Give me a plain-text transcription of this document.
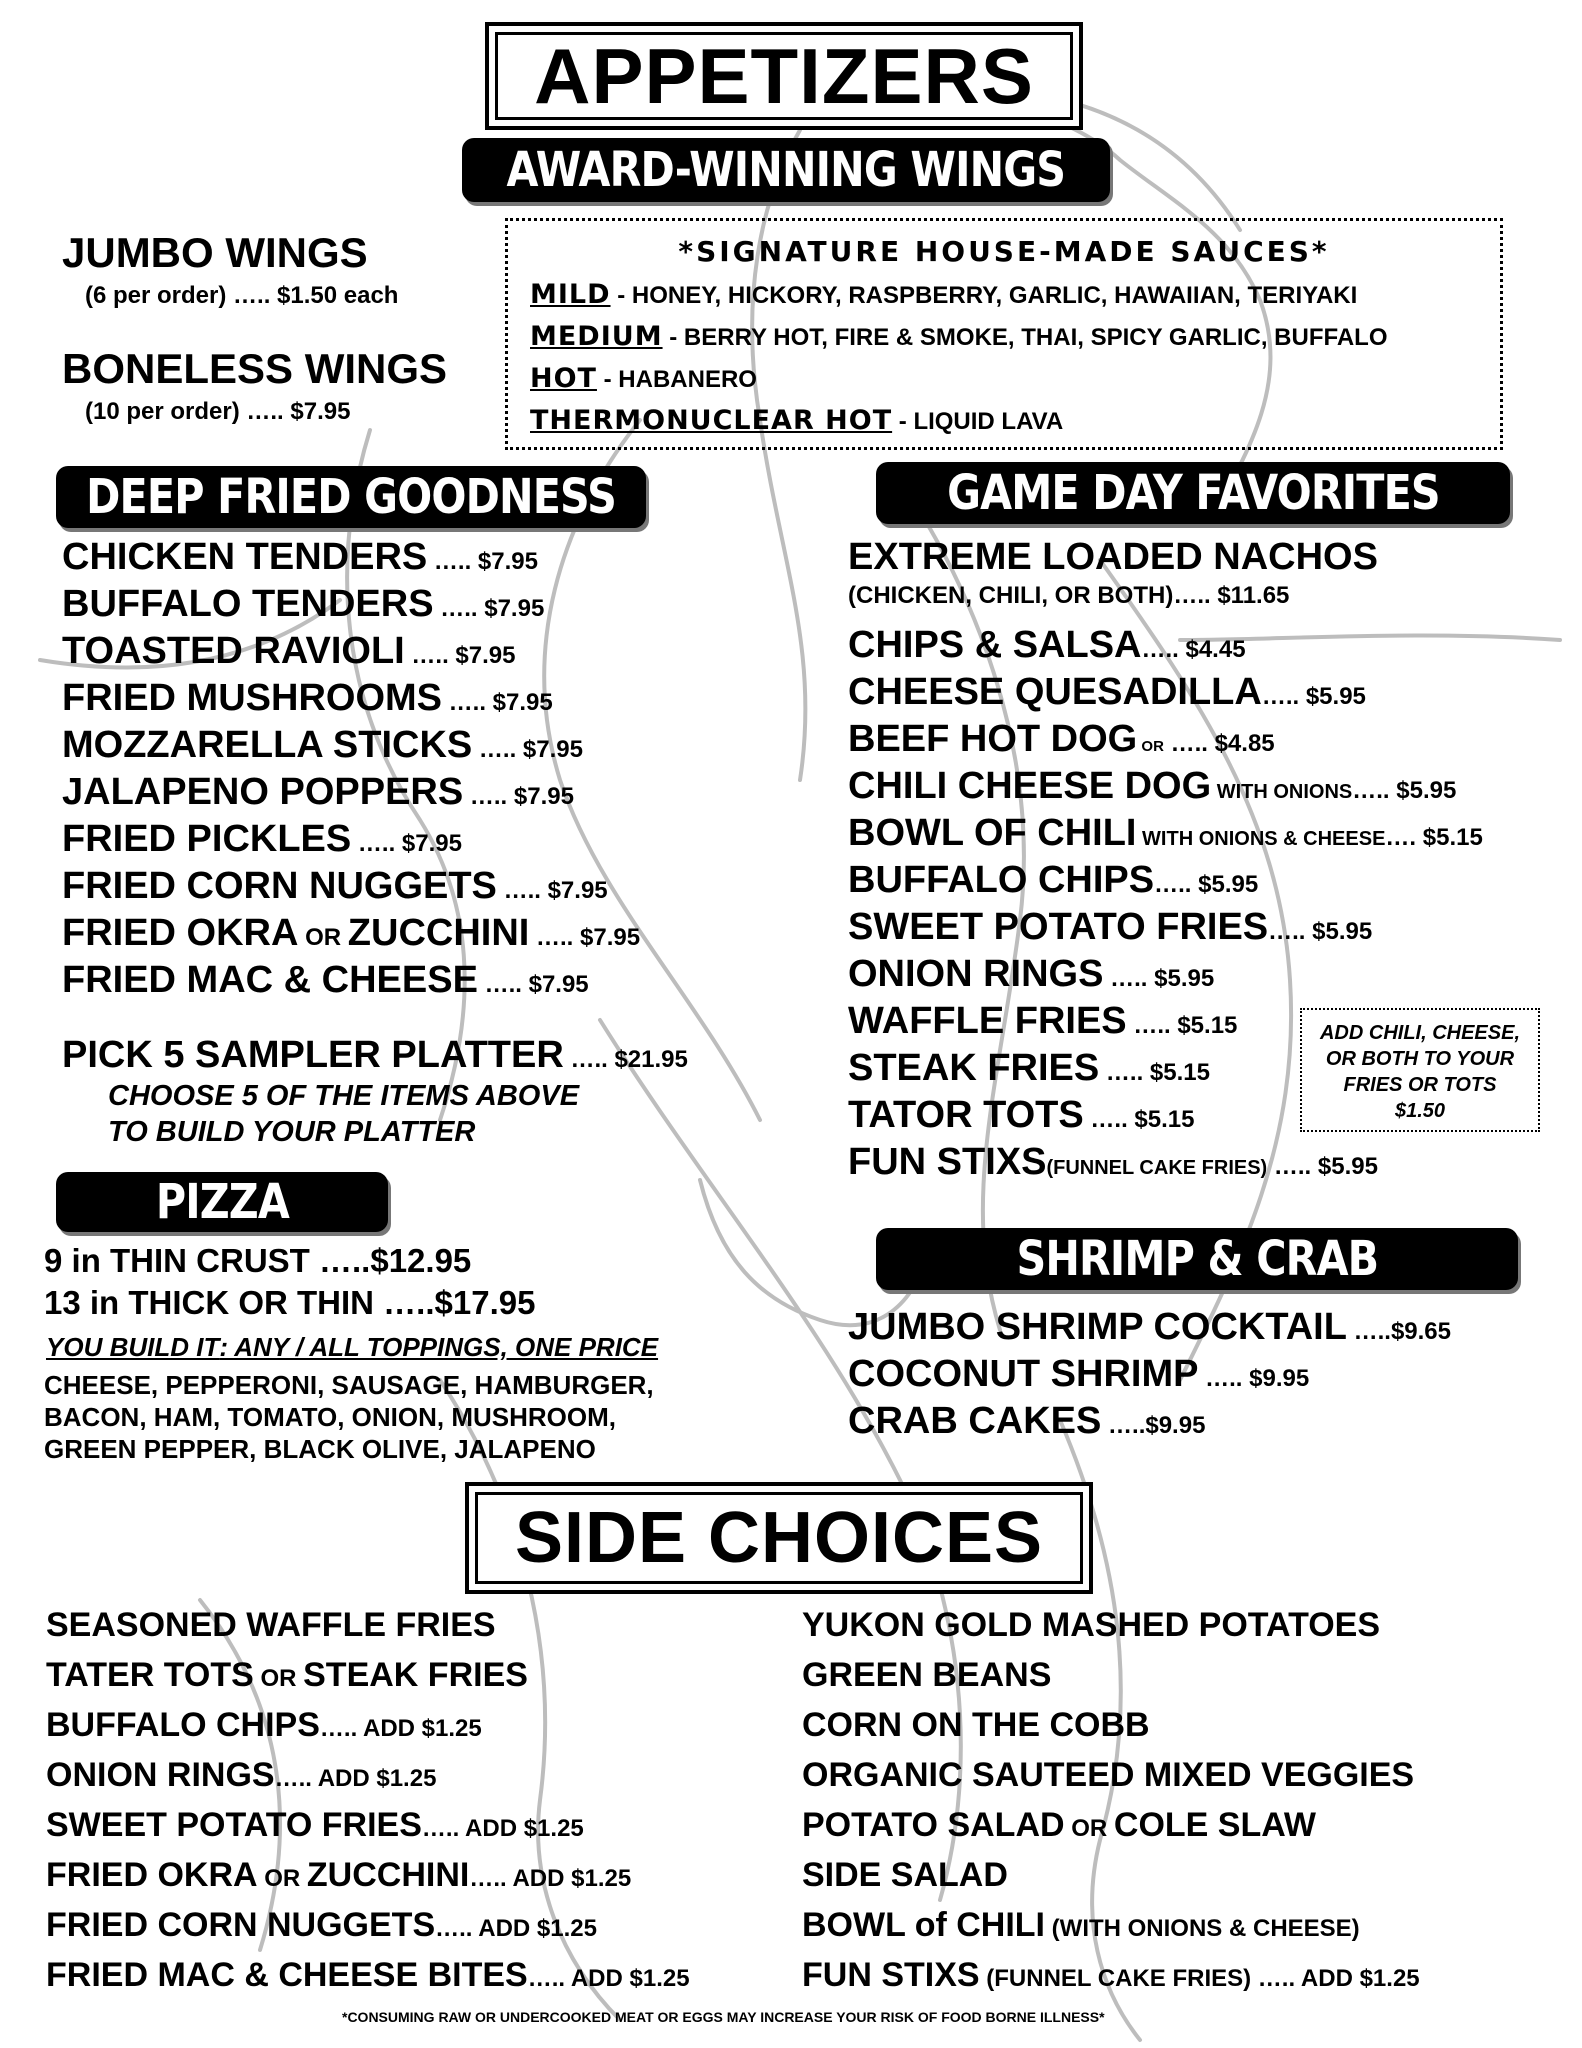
APPETIZERS
AWARD-WINNING WINGS
JUMBO WINGS
(6 per order) ….. $1.50 each
BONELESS WINGS
(10 per order) ….. $7.95
*SIGNATURE HOUSE-MADE SAUCES*
MILD - HONEY, HICKORY, RASPBERRY, GARLIC, HAWAIIAN, TERIYAKI
MEDIUM - BERRY HOT, FIRE & SMOKE, THAI, SPICY GARLIC, BUFFALO
HOT - HABANERO
THERMONUCLEAR HOT - LIQUID LAVA
DEEP FRIED GOODNESS
CHICKEN TENDERS ….. $7.95
BUFFALO TENDERS ….. $7.95
TOASTED RAVIOLI ….. $7.95
FRIED MUSHROOMS ….. $7.95
MOZZARELLA STICKS ….. $7.95
JALAPENO POPPERS ….. $7.95
FRIED PICKLES ….. $7.95
FRIED CORN NUGGETS ….. $7.95
FRIED OKRA OR ZUCCHINI ….. $7.95
FRIED MAC & CHEESE ….. $7.95
PICK 5 SAMPLER PLATTER ….. $21.95
CHOOSE 5 OF THE ITEMS ABOVE
TO BUILD YOUR PLATTER
GAME DAY FAVORITES
EXTREME LOADED NACHOS
(CHICKEN, CHILI, OR BOTH)….. $11.65
CHIPS & SALSA….. $4.45
CHEESE QUESADILLA….. $5.95
BEEF HOT DOG OR ….. $4.85
CHILI CHEESE DOG WITH ONIONS….. $5.95
BOWL OF CHILI WITH ONIONS & CHEESE…. $5.15
BUFFALO CHIPS….. $5.95
SWEET POTATO FRIES….. $5.95
ONION RINGS ….. $5.95
WAFFLE FRIES ….. $5.15
STEAK FRIES ….. $5.15
TATOR TOTS ….. $5.15
FUN STIXS(FUNNEL CAKE FRIES) ….. $5.95
ADD CHILI, CHEESE,
OR BOTH TO YOUR
FRIES OR TOTS
$1.50
PIZZA
9 in THIN CRUST …..$12.95
13 in THICK OR THIN …..$17.95
YOU BUILD IT: ANY / ALL TOPPINGS, ONE PRICE
CHEESE, PEPPERONI, SAUSAGE, HAMBURGER,
BACON, HAM, TOMATO, ONION, MUSHROOM,
GREEN PEPPER, BLACK OLIVE, JALAPENO
SHRIMP & CRAB
JUMBO SHRIMP COCKTAIL …..$9.65
COCONUT SHRIMP ….. $9.95
CRAB CAKES …..$9.95
SIDE CHOICES
SEASONED WAFFLE FRIES
TATER TOTS OR STEAK FRIES
BUFFALO CHIPS….. ADD $1.25
ONION RINGS….. ADD $1.25
SWEET POTATO FRIES….. ADD $1.25
FRIED OKRA OR ZUCCHINI….. ADD $1.25
FRIED CORN NUGGETS….. ADD $1.25
FRIED MAC & CHEESE BITES….. ADD $1.25
YUKON GOLD MASHED POTATOES
GREEN BEANS
CORN ON THE COBB
ORGANIC SAUTEED MIXED VEGGIES
POTATO SALAD OR COLE SLAW
SIDE SALAD
BOWL of CHILI (WITH ONIONS & CHEESE)
FUN STIXS (FUNNEL CAKE FRIES) ….. ADD $1.25
*CONSUMING RAW OR UNDERCOOKED MEAT OR EGGS MAY INCREASE YOUR RISK OF FOOD BORNE ILLNESS*
